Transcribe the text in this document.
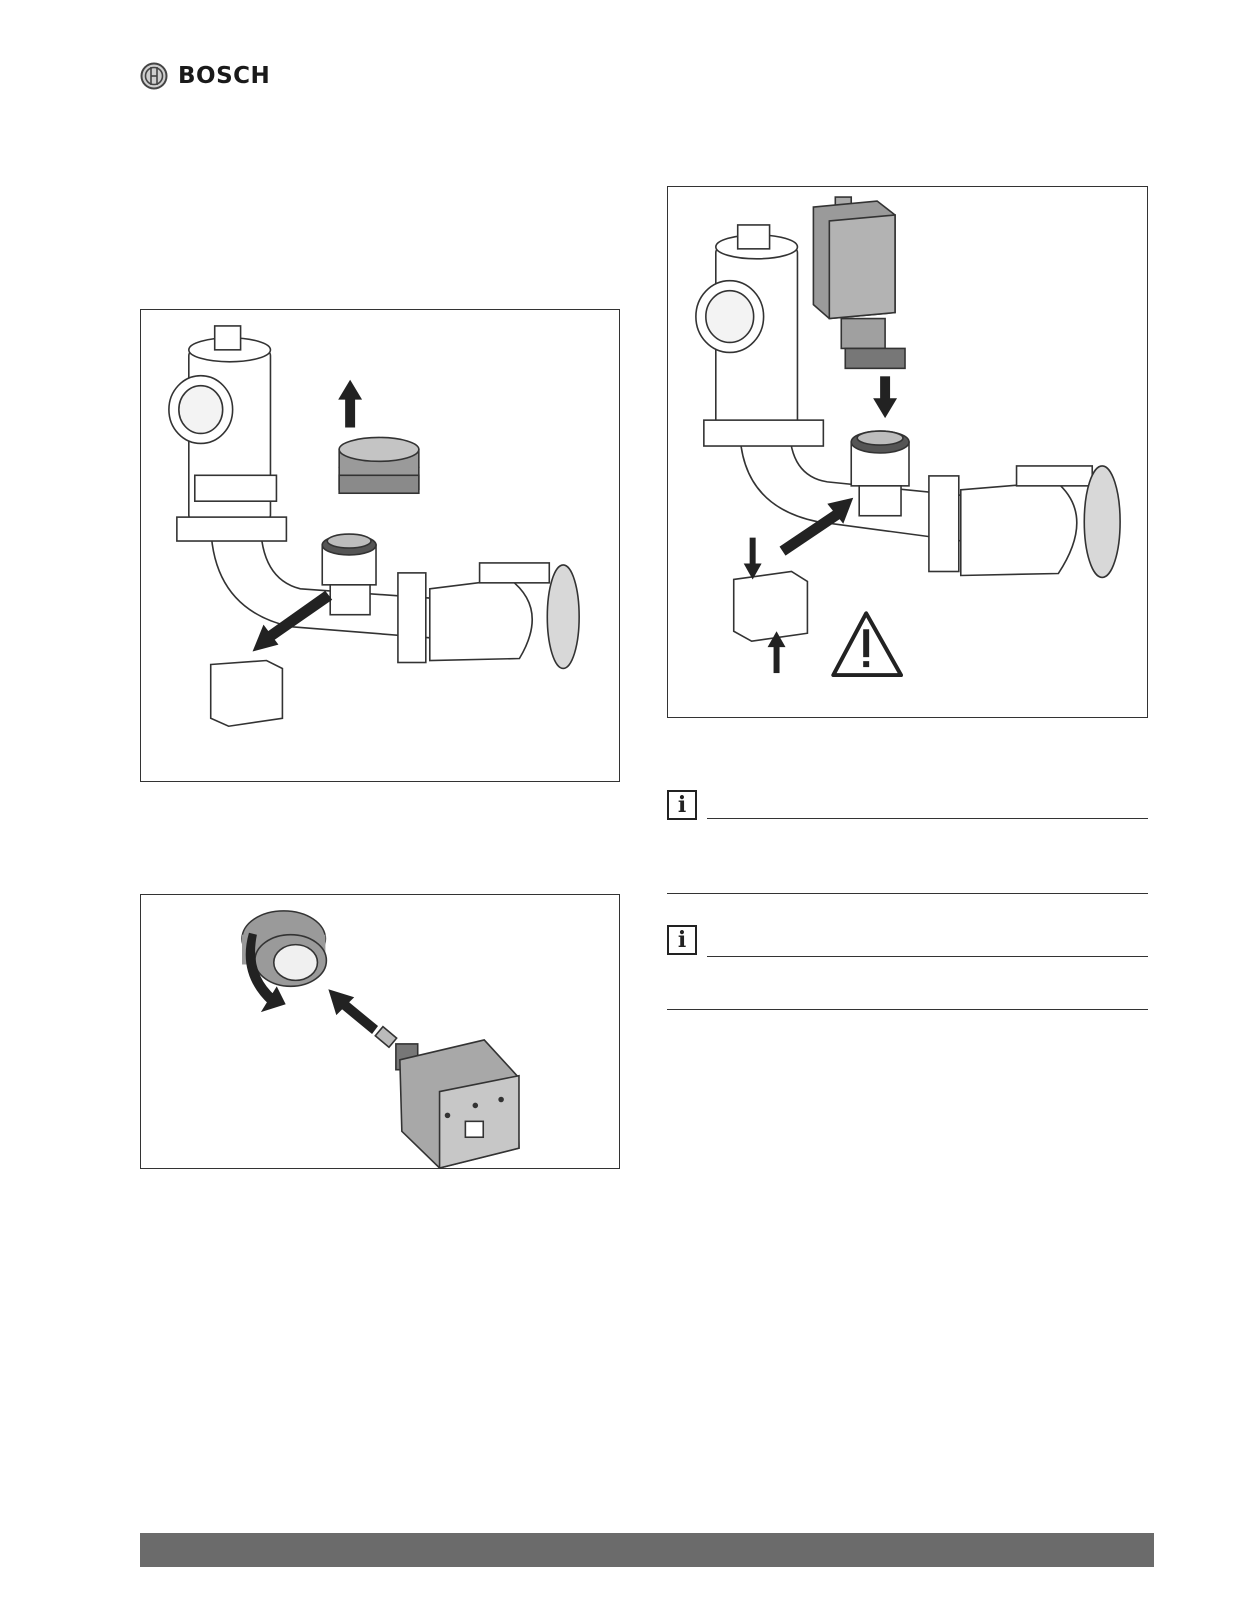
BOSCH
i
i
